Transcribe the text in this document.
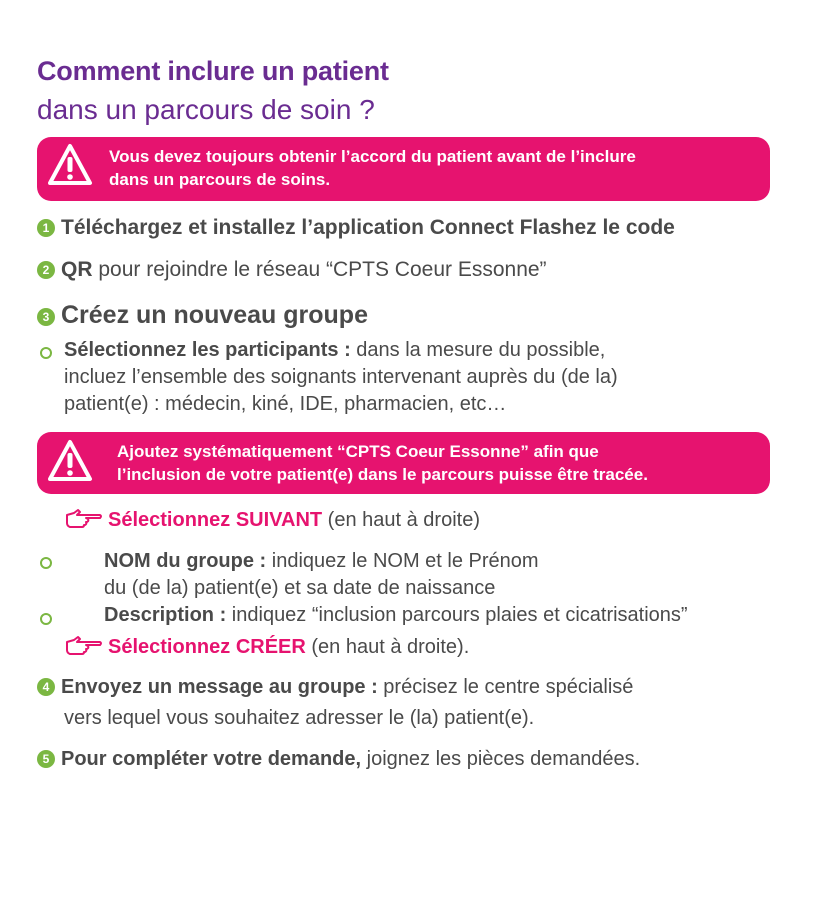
Comment inclure un patient
dans un parcours de soin ?
Vous devez toujours obtenir l’accord du patient avant de l’inclure
dans un parcours de soins.
1 Téléchargez et installez l’application Connect Flashez le code
2 QR pour rejoindre le réseau “CPTS Coeur Essonne”
3 Créez un nouveau groupe
Sélectionnez les participants : dans la mesure du possible,
incluez l’ensemble des soignants intervenant auprès du (de la)
patient(e) : médecin, kiné, IDE, pharmacien, etc…
Ajoutez systématiquement “CPTS Coeur Essonne” afin que
l’inclusion de votre patient(e) dans le parcours puisse être tracée.
Sélectionnez SUIVANT (en haut à droite)
NOM du groupe : indiquez le NOM et le Prénom
du (de la) patient(e) et sa date de naissance
Description : indiquez “inclusion parcours plaies et cicatrisations”
Sélectionnez CRÉER (en haut à droite).
4 Envoyez un message au groupe : précisez le centre spécialisé
vers lequel vous souhaitez adresser le (la) patient(e).
5 Pour compléter votre demande, joignez les pièces demandées.
